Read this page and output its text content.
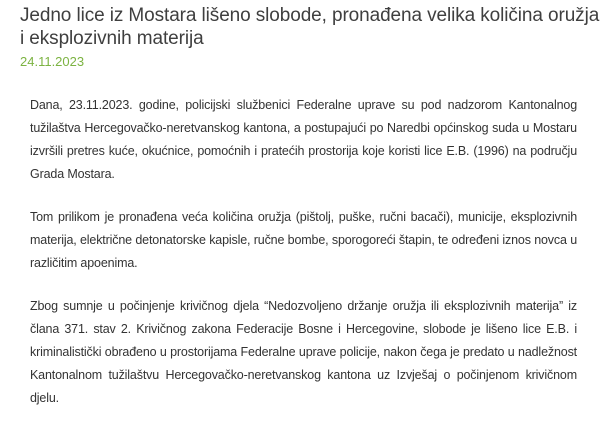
Jedno lice iz Mostara lišeno slobode, pronađena velika količina oružja i eksplozivnih materija
24.11.2023

Dana, 23.11.2023. godine, policijski službenici Federalne uprave su pod nadzorom Kantonalnog tužilaštva Hercegovačko-neretvanskog kantona, a postupajući po Naredbi općinskog suda u Mostaru izvršili pretres kuće, okućnice, pomoćnih i pratećih prostorija koje koristi lice E.B. (1996) na području Grada Mostara.

Tom prilikom je pronađena veća količina oružja (pištolj, puške, ručni bacači), municije, eksplozivnih materija, električne detonatorske kapisle, ručne bombe, sporogoreći štapin, te određeni iznos novca u različitim apoenima.

Zbog sumnje u počinjenje krivičnog djela “Nedozvoljeno držanje oružja ili eksplozivnih materija” iz člana 371. stav 2. Krivičnog zakona Federacije Bosne i Hercegovine, slobode je lišeno lice E.B. i kriminalistički obrađeno u prostorijama Federalne uprave policije, nakon čega je predato u nadležnost Kantonalnom tužilaštvu Hercegovačko-neretvanskog kantona uz Izvješaj o počinjenom krivičnom djelu.
